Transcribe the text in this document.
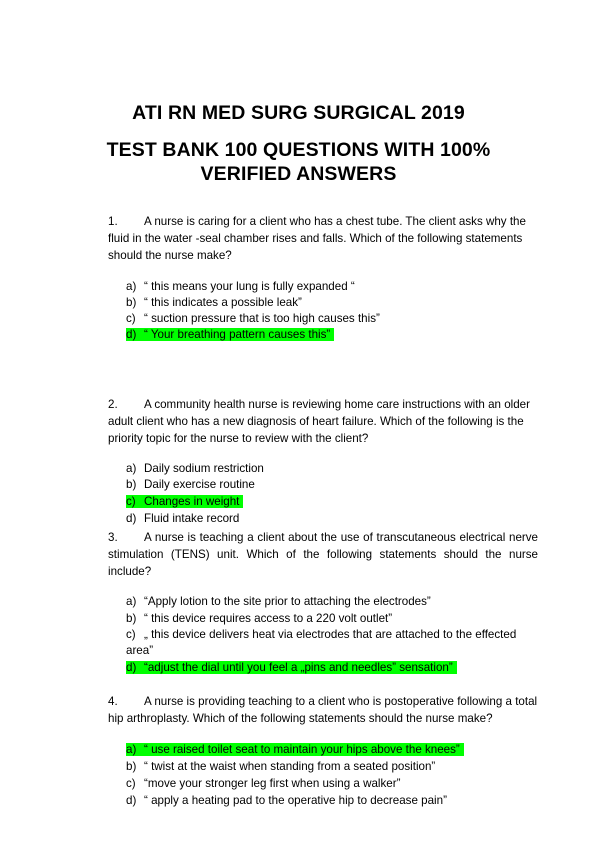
ATI RN MED SURG SURGICAL 2019
TEST BANK 100 QUESTIONS WITH 100%
VERIFIED ANSWERS
1. A nurse is caring for a client who has a chest tube. The client asks why the fluid in the water -seal chamber rises and falls. Which of the following statements should the nurse make?
a) “ this means your lung is fully expanded “
b) “ this indicates a possible leak”
c) “ suction pressure that is too high causes this”
d) “ Your breathing pattern causes this”
2. A community health nurse is reviewing home care instructions with an older adult client who has a new diagnosis of heart failure. Which of the following is the priority topic for the nurse to review with the client?
a) Daily sodium restriction
b) Daily exercise routine
c) Changes in weight
d) Fluid intake record
3. A nurse is teaching a client about the use of transcutaneous electrical nerve stimulation (TENS) unit. Which of the following statements should the nurse include?
a) “Apply lotion to the site prior to attaching the electrodes”
b) “ this device requires access to a 220 volt outlet”
c) „ this device delivers heat via electrodes that are attached to the effected area”
d) “adjust the dial until you feel a „pins and needles” sensation”
4. A nurse is providing teaching to a client who is postoperative following a total hip arthroplasty. Which of the following statements should the nurse make?
a) “ use raised toilet seat to maintain your hips above the knees”
b) “ twist at the waist when standing from a seated position”
c) “move your stronger leg first when using a walker”
d) “ apply a heating pad to the operative hip to decrease pain”
